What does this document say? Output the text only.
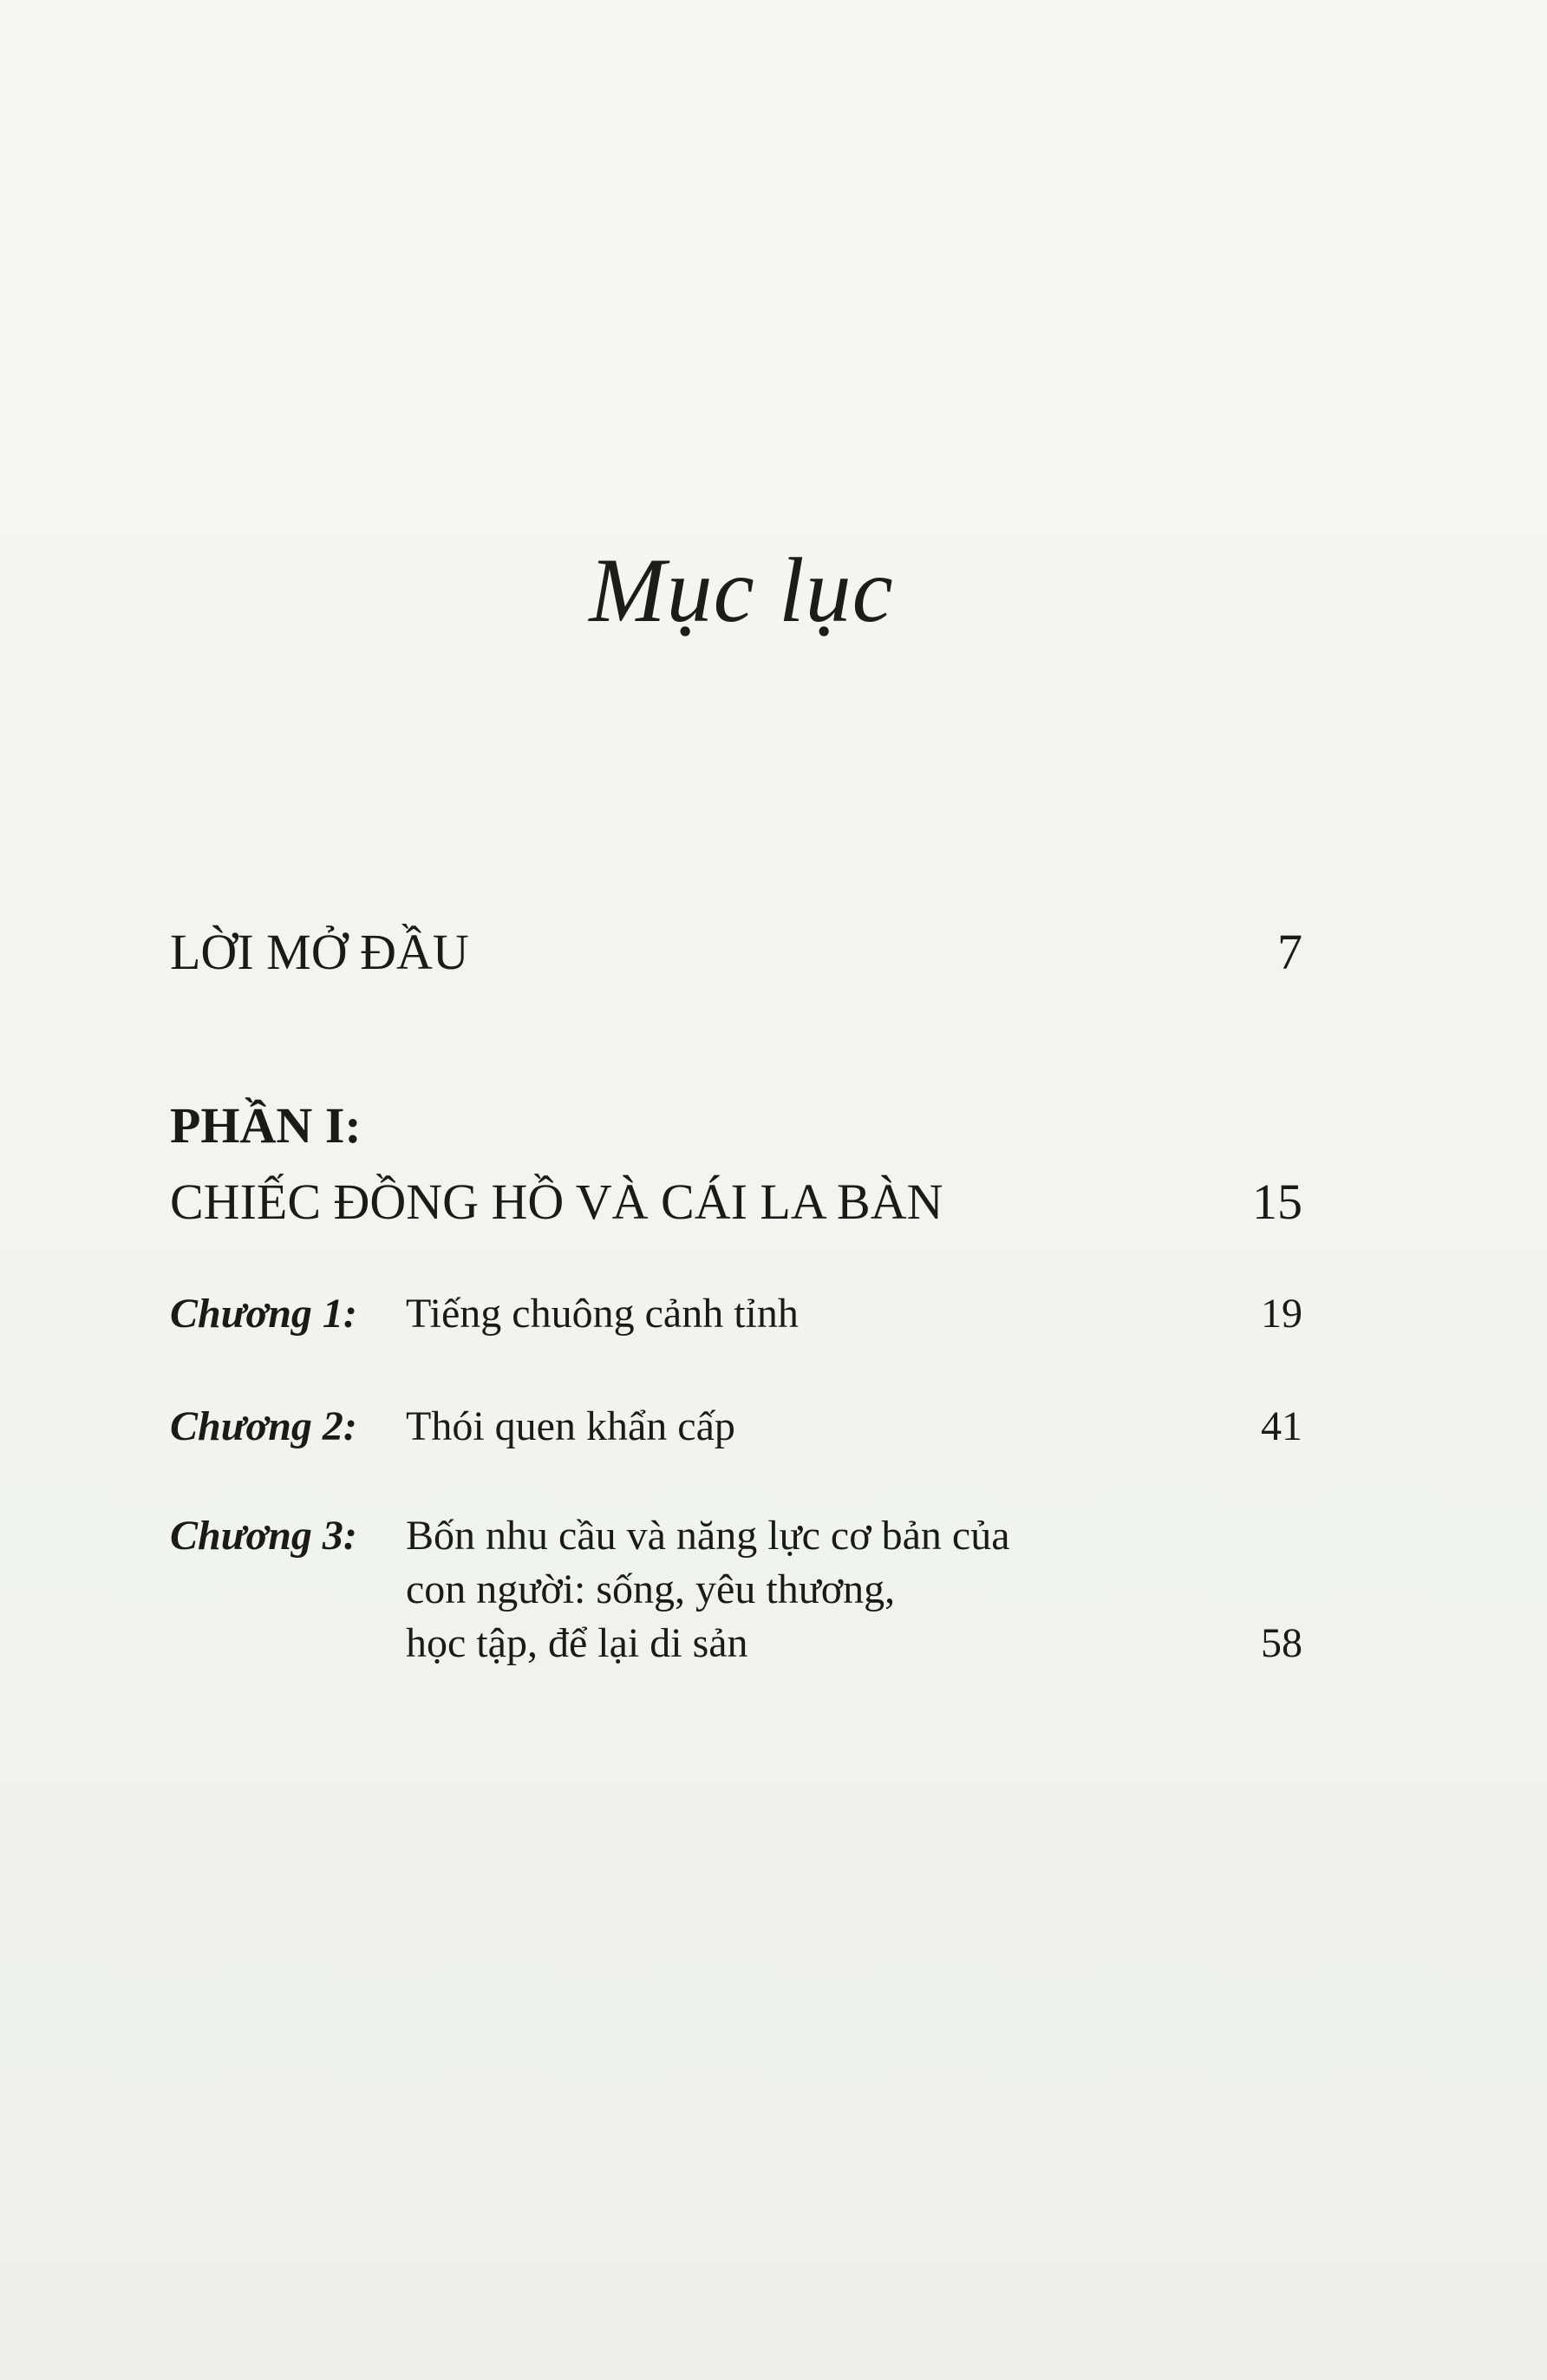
Mục lục
LỜI MỞ ĐẦU	7
PHẦN I:
CHIẾC ĐỒNG HỒ VÀ CÁI LA BÀN	15
Chương 1: Tiếng chuông cảnh tỉnh	19
Chương 2: Thói quen khẩn cấp	41
Chương 3: Bốn nhu cầu và năng lực cơ bản của
con người: sống, yêu thương,
học tập, để lại di sản	58
